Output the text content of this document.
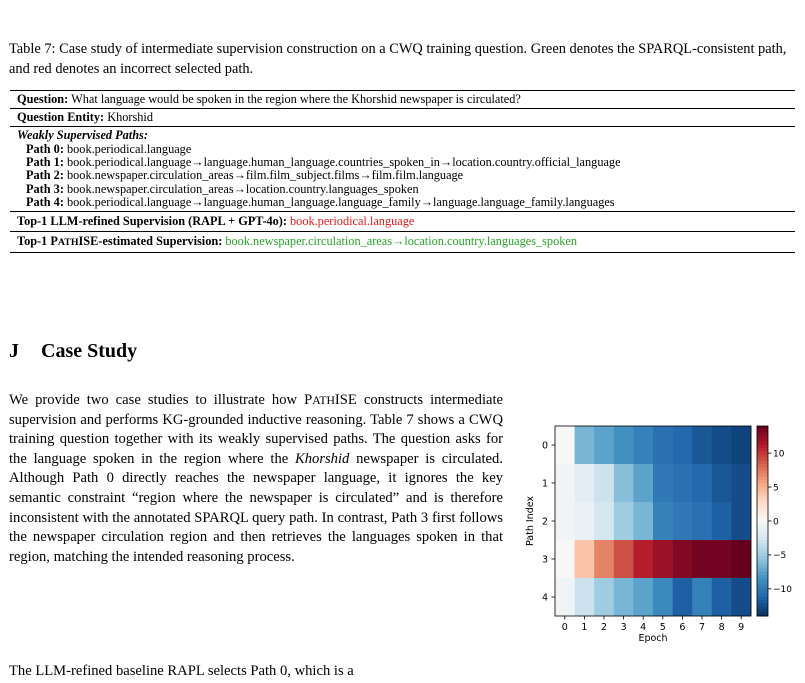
Table 7: Case study of intermediate supervision construction on a CWQ training question. Green denotes the SPARQL-consistent path, and red denotes an incorrect selected path.
Question: What language would be spoken in the region where the Khorshid newspaper is circulated?
Question Entity: Khorshid
Weakly Supervised Paths:
Path 0: book.periodical.language
Path 1: book.periodical.language→language.human_language.countries_spoken_in→location.country.official_language
Path 2: book.newspaper.circulation_areas→film.film_subject.films→film.film.language
Path 3: book.newspaper.circulation_areas→location.country.languages_spoken
Path 4: book.periodical.language→language.human_language.language_family→language.language_family.languages
Top-1 LLM-refined Supervision (RAPL + GPT-4o): book.periodical.language
Top-1 PATHISE-estimated Supervision: book.newspaper.circulation_areas→location.country.languages_spoken
J Case Study
We provide two case studies to illustrate how PATHISE constructs intermediate supervision and performs KG-grounded inductive reasoning. Table 7 shows a CWQ training question together with its weakly supervised paths. The question asks for the language spoken in the region where the Khorshid newspaper is circulated. Although Path 0 directly reaches the newspaper language, it ignores the key semantic constraint “region where the newspaper is circulated” and is therefore inconsistent with the annotated SPARQL query path. In contrast, Path 3 first follows the newspaper circulation region and then retrieves the languages spoken in that region, matching the intended reasoning process.
The LLM-refined baseline RAPL selects Path 0, which is a
0
1
2
3
4
0 1 2 3 4 5 6 7 8 9
Epoch
Path Index
10
5
0
−5
−10
